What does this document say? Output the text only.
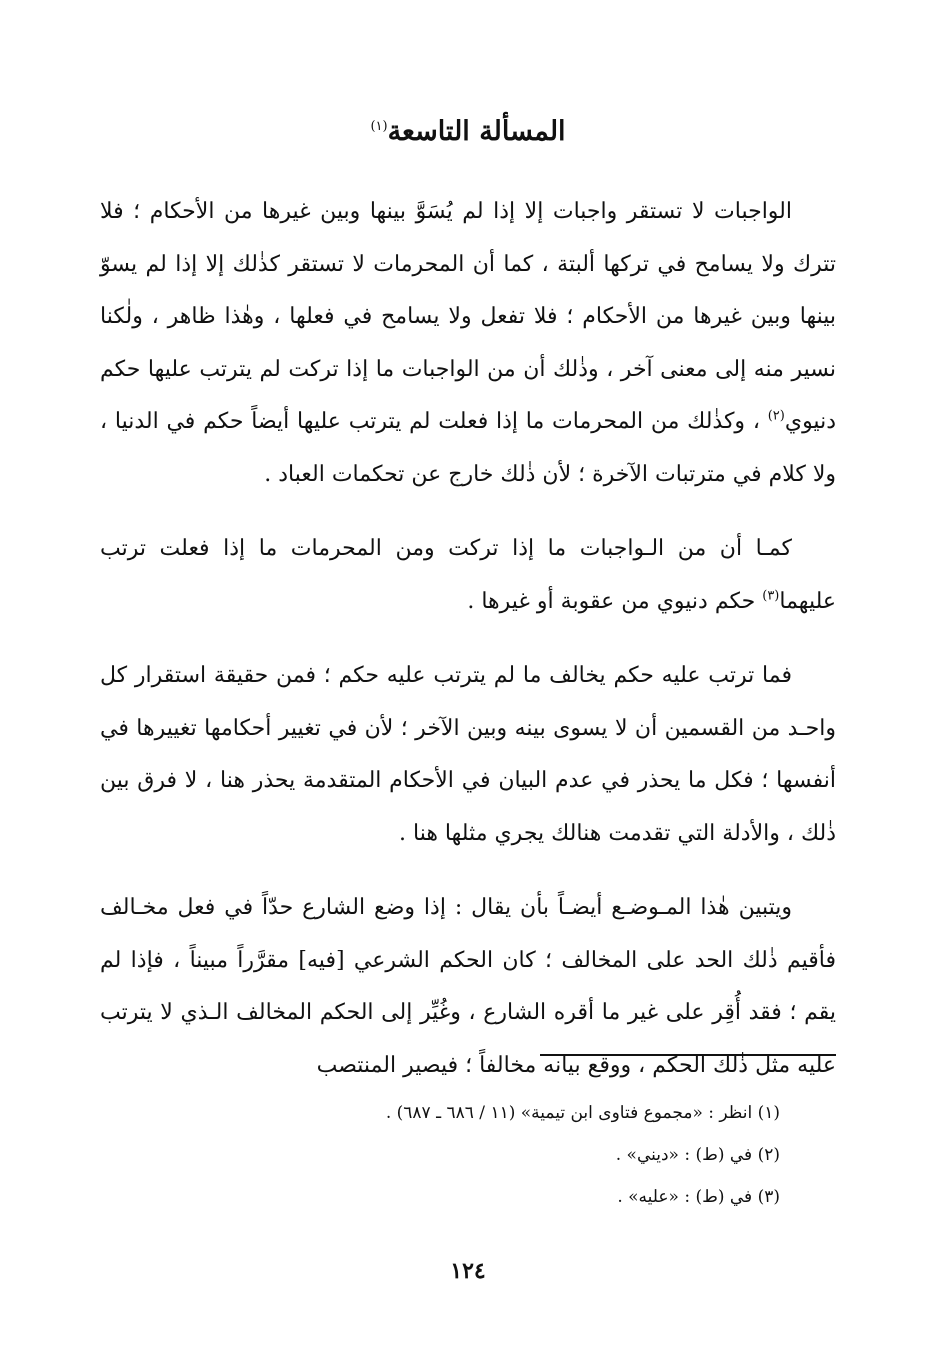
المسألة التاسعة$^{(١)}$

الواجبات لا تستقر واجبات إلا إذا لم يُسَوَّ بينها وبين غيرها من الأحكام ؛ فلا تترك ولا يسامح في تركها ألبتة ، كما أن المحرمات لا تستقر كذٰلك إلا إذا لم يسوّ بينها وبين غيرها من الأحكام ؛ فلا تفعل ولا يسامح في فعلها ، وهٰذا ظاهر ، ولٰكنا نسير منه إلى معنى آخر ، وذٰلك أن من الواجبات ما إذا تركت لم يترتب عليها حكم دنيوي$^{(٢)}$ ، وكذٰلك من المحرمات ما إذا فعلت لم يترتب عليها أيضاً حكم في الدنيا ، ولا كلام في مترتبات الآخرة ؛ لأن ذٰلك خارج عن تحكمات العباد .

كمـا أن من الـواجبات ما إذا تركت ومن المحرمات ما إذا فعلت ترتب عليهما$^{(٣)}$ حكم دنيوي من عقوبة أو غيرها .

فما ترتب عليه حكم يخالف ما لم يترتب عليه حكم ؛ فمن حقيقة استقرار كل واحـد من القسمين أن لا يسوى بينه وبين الآخر ؛ لأن في تغيير أحكامها تغييرها في أنفسها ؛ فكل ما يحذر في عدم البيان في الأحكام المتقدمة يحذر هنا ، لا فرق بين ذٰلك ، والأدلة التي تقدمت هنالك يجري مثلها هنا .

ويتبين هٰذا المـوضـع أيضـاً بأن يقال : إذا وضع الشارع حدّاً في فعل مخـالف فأقيم ذٰلك الحد على المخالف ؛ كان الحكم الشرعي [فيه] مقرَّراً مبيناً ، فإذا لم يقم ؛ فقد أُقِر على غير ما أقره الشارع ، وغُيِّر إلى الحكم المخالف الـذي لا يترتب عليه مثل ذٰلك الحكم ، ووقع بيانه مخالفاً ؛ فيصير المنتصب

(١) انظر : «مجموع فتاوى ابن تيمية» (١١ / ٦٨٦ ـ ٦٨٧) .
(٢) في (ط) : «ديني» .
(٣) في (ط) : «عليه» .
١٢٤
